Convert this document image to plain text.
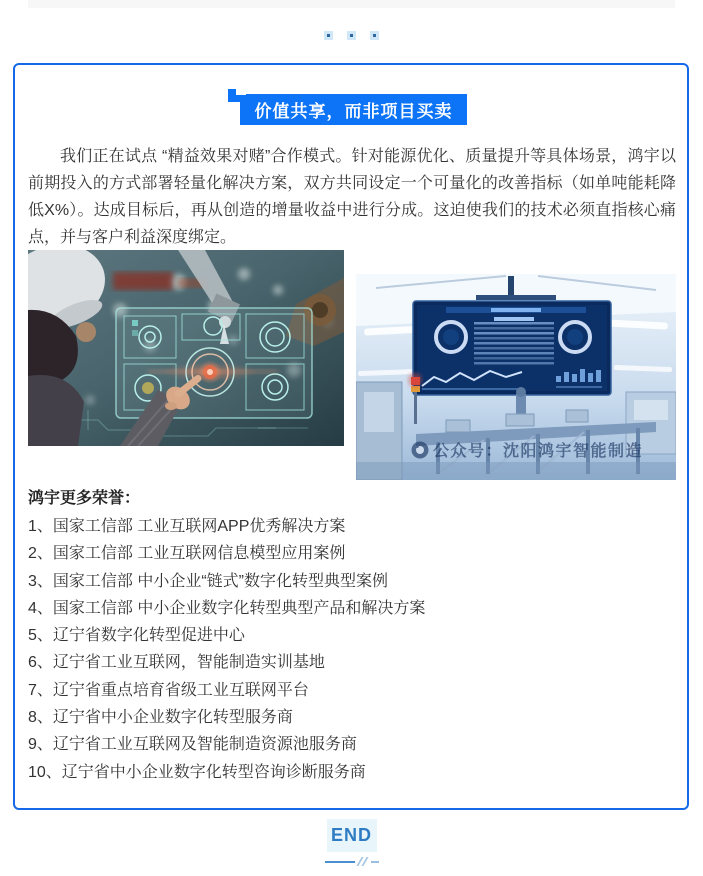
价值共享，而非项目买卖
我们正在试点 “精益效果对赌”合作模式。针对能源优化、质量提升等具体场景，鸿宇以前期投入的方式部署轻量化解决方案，双方共同设定一个可量化的改善指标（如单吨能耗降低X%）。达成目标后，再从创造的增量收益中进行分成。这迫使我们的技术必须直指核心痛点，并与客户利益深度绑定。
公众号：沈阳鸿宇智能制造
鸿宇更多荣誉：
1、国家工信部 工业互联网APP优秀解决方案
2、国家工信部 工业互联网信息模型应用案例
3、国家工信部 中小企业“链式”数字化转型典型案例
4、国家工信部 中小企业数字化转型典型产品和解决方案
5、辽宁省数字化转型促进中心
6、辽宁省工业互联网，智能制造实训基地
7、辽宁省重点培育省级工业互联网平台
8、辽宁省中小企业数字化转型服务商
9、辽宁省工业互联网及智能制造资源池服务商
10、辽宁省中小企业数字化转型咨询诊断服务商
END
